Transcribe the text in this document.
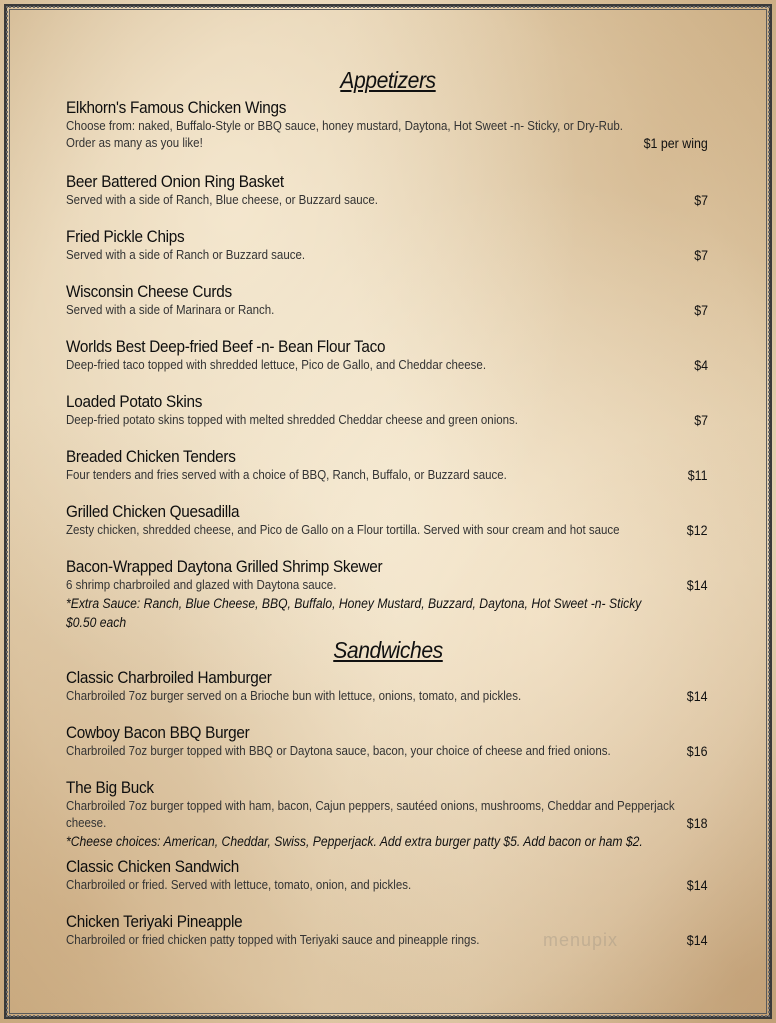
Appetizers
Elkhorn's Famous Chicken Wings
Choose from: naked, Buffalo-Style or BBQ sauce, honey mustard, Daytona, Hot Sweet -n- Sticky, or Dry-Rub.
Order as many as you like!	$1 per wing
Beer Battered Onion Ring Basket
Served with a side of Ranch, Blue cheese, or Buzzard sauce.	$7
Fried Pickle Chips
Served with a side of Ranch or Buzzard sauce.	$7
Wisconsin Cheese Curds
Served with a side of Marinara or Ranch.	$7
Worlds Best Deep-fried Beef -n- Bean Flour Taco
Deep-fried taco topped with shredded lettuce, Pico de Gallo, and Cheddar cheese.	$4
Loaded Potato Skins
Deep-fried potato skins topped with melted shredded Cheddar cheese and green onions.	$7
Breaded Chicken Tenders
Four tenders and fries served with a choice of BBQ, Ranch, Buffalo, or Buzzard sauce.	$11
Grilled Chicken Quesadilla
Zesty chicken, shredded cheese, and Pico de Gallo on a Flour tortilla. Served with sour cream and hot sauce	$12
Bacon-Wrapped Daytona Grilled Shrimp Skewer
6 shrimp charbroiled and glazed with Daytona sauce.	$14
*Extra Sauce: Ranch, Blue Cheese, BBQ, Buffalo, Honey Mustard, Buzzard, Daytona, Hot Sweet -n- Sticky
$0.50 each
Sandwiches
Classic Charbroiled Hamburger
Charbroiled 7oz burger served on a Brioche bun with lettuce, onions, tomato, and pickles.	$14
Cowboy Bacon BBQ Burger
Charbroiled 7oz burger topped with BBQ or Daytona sauce, bacon, your choice of cheese and fried onions.	$16
The Big Buck
Charbroiled 7oz burger topped with ham, bacon, Cajun peppers, sautéed onions, mushrooms, Cheddar and Pepperjack
cheese.	$18
*Cheese choices: American, Cheddar, Swiss, Pepperjack. Add extra burger patty $5. Add bacon or ham $2.
Classic Chicken Sandwich
Charbroiled or fried. Served with lettuce, tomato, onion, and pickles.	$14
Chicken Teriyaki Pineapple
Charbroiled or fried chicken patty topped with Teriyaki sauce and pineapple rings.	$14
menupix
